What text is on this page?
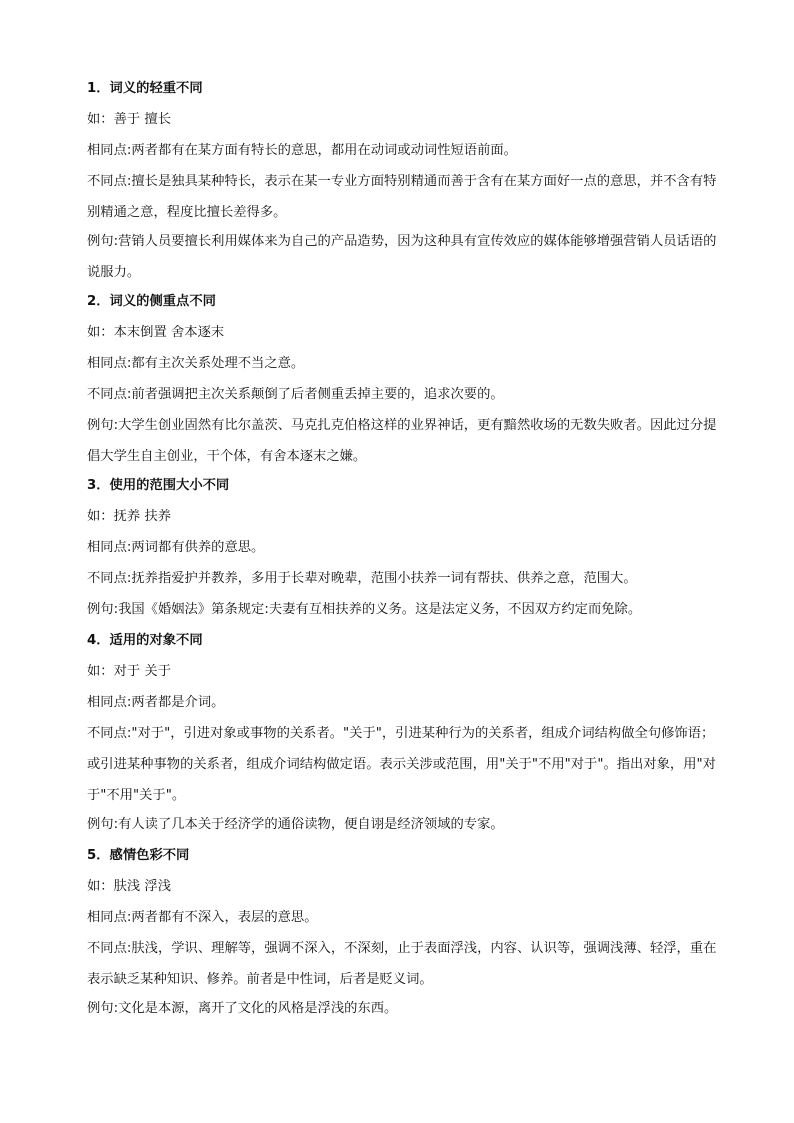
1．词义的轻重不同

如：善于 擅长

相同点:两者都有在某方面有特长的意思，都用在动词或动词性短语前面。

不同点:擅长是独具某种特长，表示在某一专业方面特别精通而善于含有在某方面好一点的意思，并不含有特别精通之意，程度比擅长差得多。

例句:营销人员要擅长利用媒体来为自己的产品造势，因为这种具有宣传效应的媒体能够增强营销人员话语的说服力。

2．词义的侧重点不同

如：本末倒置 舍本逐末

相同点:都有主次关系处理不当之意。

不同点:前者强调把主次关系颠倒了后者侧重丢掉主要的，追求次要的。

例句:大学生创业固然有比尔盖茨、马克扎克伯格这样的业界神话，更有黯然收场的无数失败者。因此过分提倡大学生自主创业，干个体，有舍本逐末之嫌。

3．使用的范围大小不同

如：抚养 扶养

相同点:两词都有供养的意思。

不同点:抚养指爱护并教养，多用于长辈对晚辈，范围小扶养一词有帮扶、供养之意，范围大。

例句:我国《婚姻法》第条规定:夫妻有互相扶养的义务。这是法定义务，不因双方约定而免除。

4．适用的对象不同

如：对于 关于

相同点:两者都是介词。

不同点:"对于"，引进对象或事物的关系者。"关于"，引进某种行为的关系者，组成介词结构做全句修饰语；或引进某种事物的关系者，组成介词结构做定语。表示关涉或范围，用"关于"不用"对于"。指出对象，用"对于"不用"关于"。

例句:有人读了几本关于经济学的通俗读物，便自诩是经济领域的专家。

5．感情色彩不同

如：肤浅 浮浅

相同点:两者都有不深入，表层的意思。

不同点:肤浅，学识、理解等，强调不深入，不深刻，止于表面浮浅，内容、认识等，强调浅薄、轻浮，重在表示缺乏某种知识、修养。前者是中性词，后者是贬义词。

例句:文化是本源，离开了文化的风格是浮浅的东西。
